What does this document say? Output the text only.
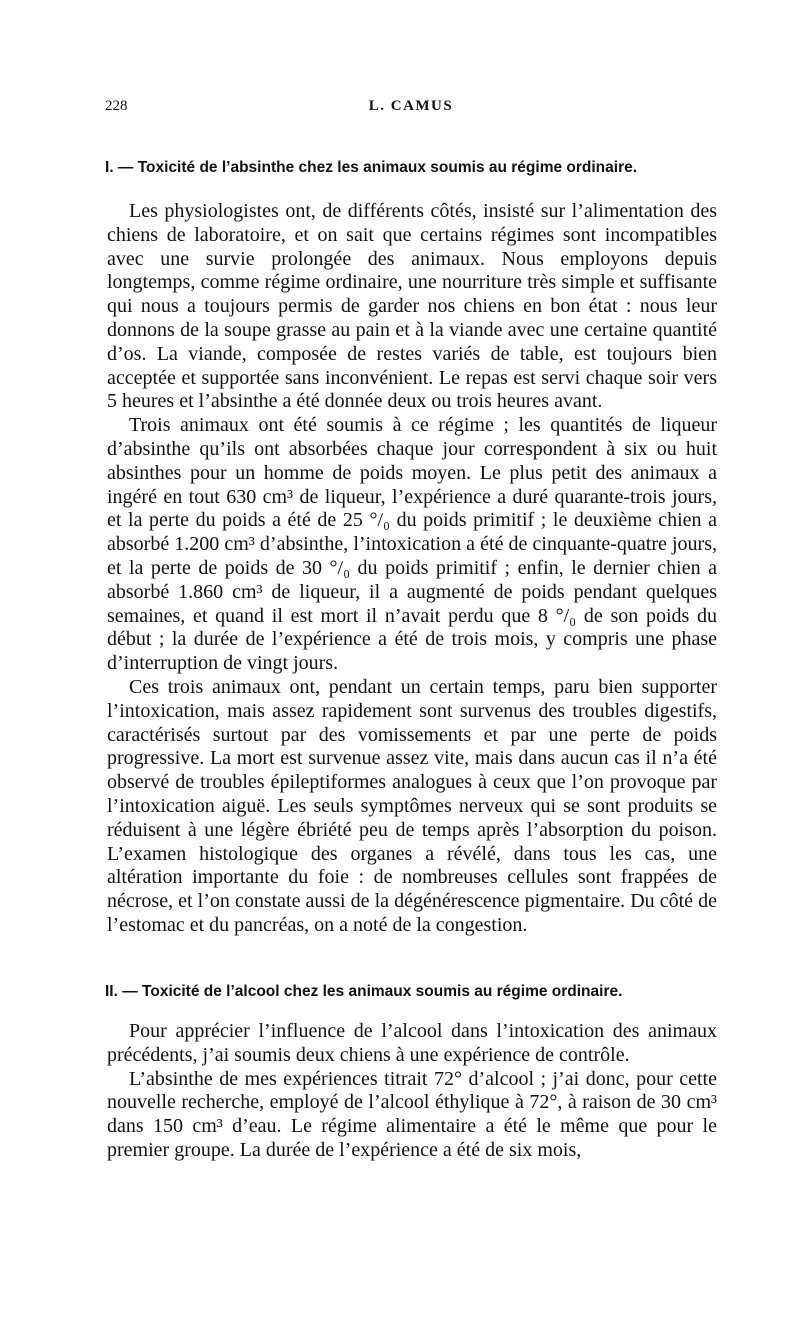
228	L. CAMUS
I. — Toxicité de l’absinthe chez les animaux soumis au régime ordinaire.

Les physiologistes ont, de différents côtés, insisté sur l’alimentation des chiens de laboratoire, et on sait que certains régimes sont incompatibles avec une survie prolongée des animaux. Nous employons depuis longtemps, comme régime ordinaire, une nourriture très simple et suffisante qui nous a toujours permis de garder nos chiens en bon état : nous leur donnons de la soupe grasse au pain et à la viande avec une certaine quantité d’os. La viande, composée de restes variés de table, est toujours bien acceptée et supportée sans inconvénient. Le repas est servi chaque soir vers 5 heures et l’absinthe a été donnée deux ou trois heures avant.

Trois animaux ont été soumis à ce régime ; les quantités de liqueur d’absinthe qu’ils ont absorbées chaque jour correspondent à six ou huit absinthes pour un homme de poids moyen. Le plus petit des animaux a ingéré en tout 630 cm³ de liqueur, l’expérience a duré quarante-trois jours, et la perte du poids a été de 25 °/₀ du poids primitif ; le deuxième chien a absorbé 1.200 cm³ d’absinthe, l’intoxication a été de cinquante-quatre jours, et la perte de poids de 30 °/₀ du poids primitif ; enfin, le dernier chien a absorbé 1.860 cm³ de liqueur, il a augmenté de poids pendant quelques semaines, et quand il est mort il n’avait perdu que 8 °/₀ de son poids du début ; la durée de l’expérience a été de trois mois, y compris une phase d’interruption de vingt jours.

Ces trois animaux ont, pendant un certain temps, paru bien supporter l’intoxication, mais assez rapidement sont survenus des troubles digestifs, caractérisés surtout par des vomissements et par une perte de poids progressive. La mort est survenue assez vite, mais dans aucun cas il n’a été observé de troubles épileptiformes analogues à ceux que l’on provoque par l’intoxication aiguë. Les seuls symptômes nerveux qui se sont produits se réduisent à une légère ébriété peu de temps après l’absorption du poison. L’examen histologique des organes a révélé, dans tous les cas, une altération importante du foie : de nombreuses cellules sont frappées de nécrose, et l’on constate aussi de la dégénérescence pigmentaire. Du côté de l’estomac et du pancréas, on a noté de la congestion.

II. — Toxicité de l’alcool chez les animaux soumis au régime ordinaire.

Pour apprécier l’influence de l’alcool dans l’intoxication des animaux précédents, j’ai soumis deux chiens à une expérience de contrôle.

L’absinthe de mes expériences titrait 72° d’alcool ; j’ai donc, pour cette nouvelle recherche, employé de l’alcool éthylique à 72°, à raison de 30 cm³ dans 150 cm³ d’eau. Le régime alimentaire a été le même que pour le premier groupe. La durée de l’expérience a été de six mois,
